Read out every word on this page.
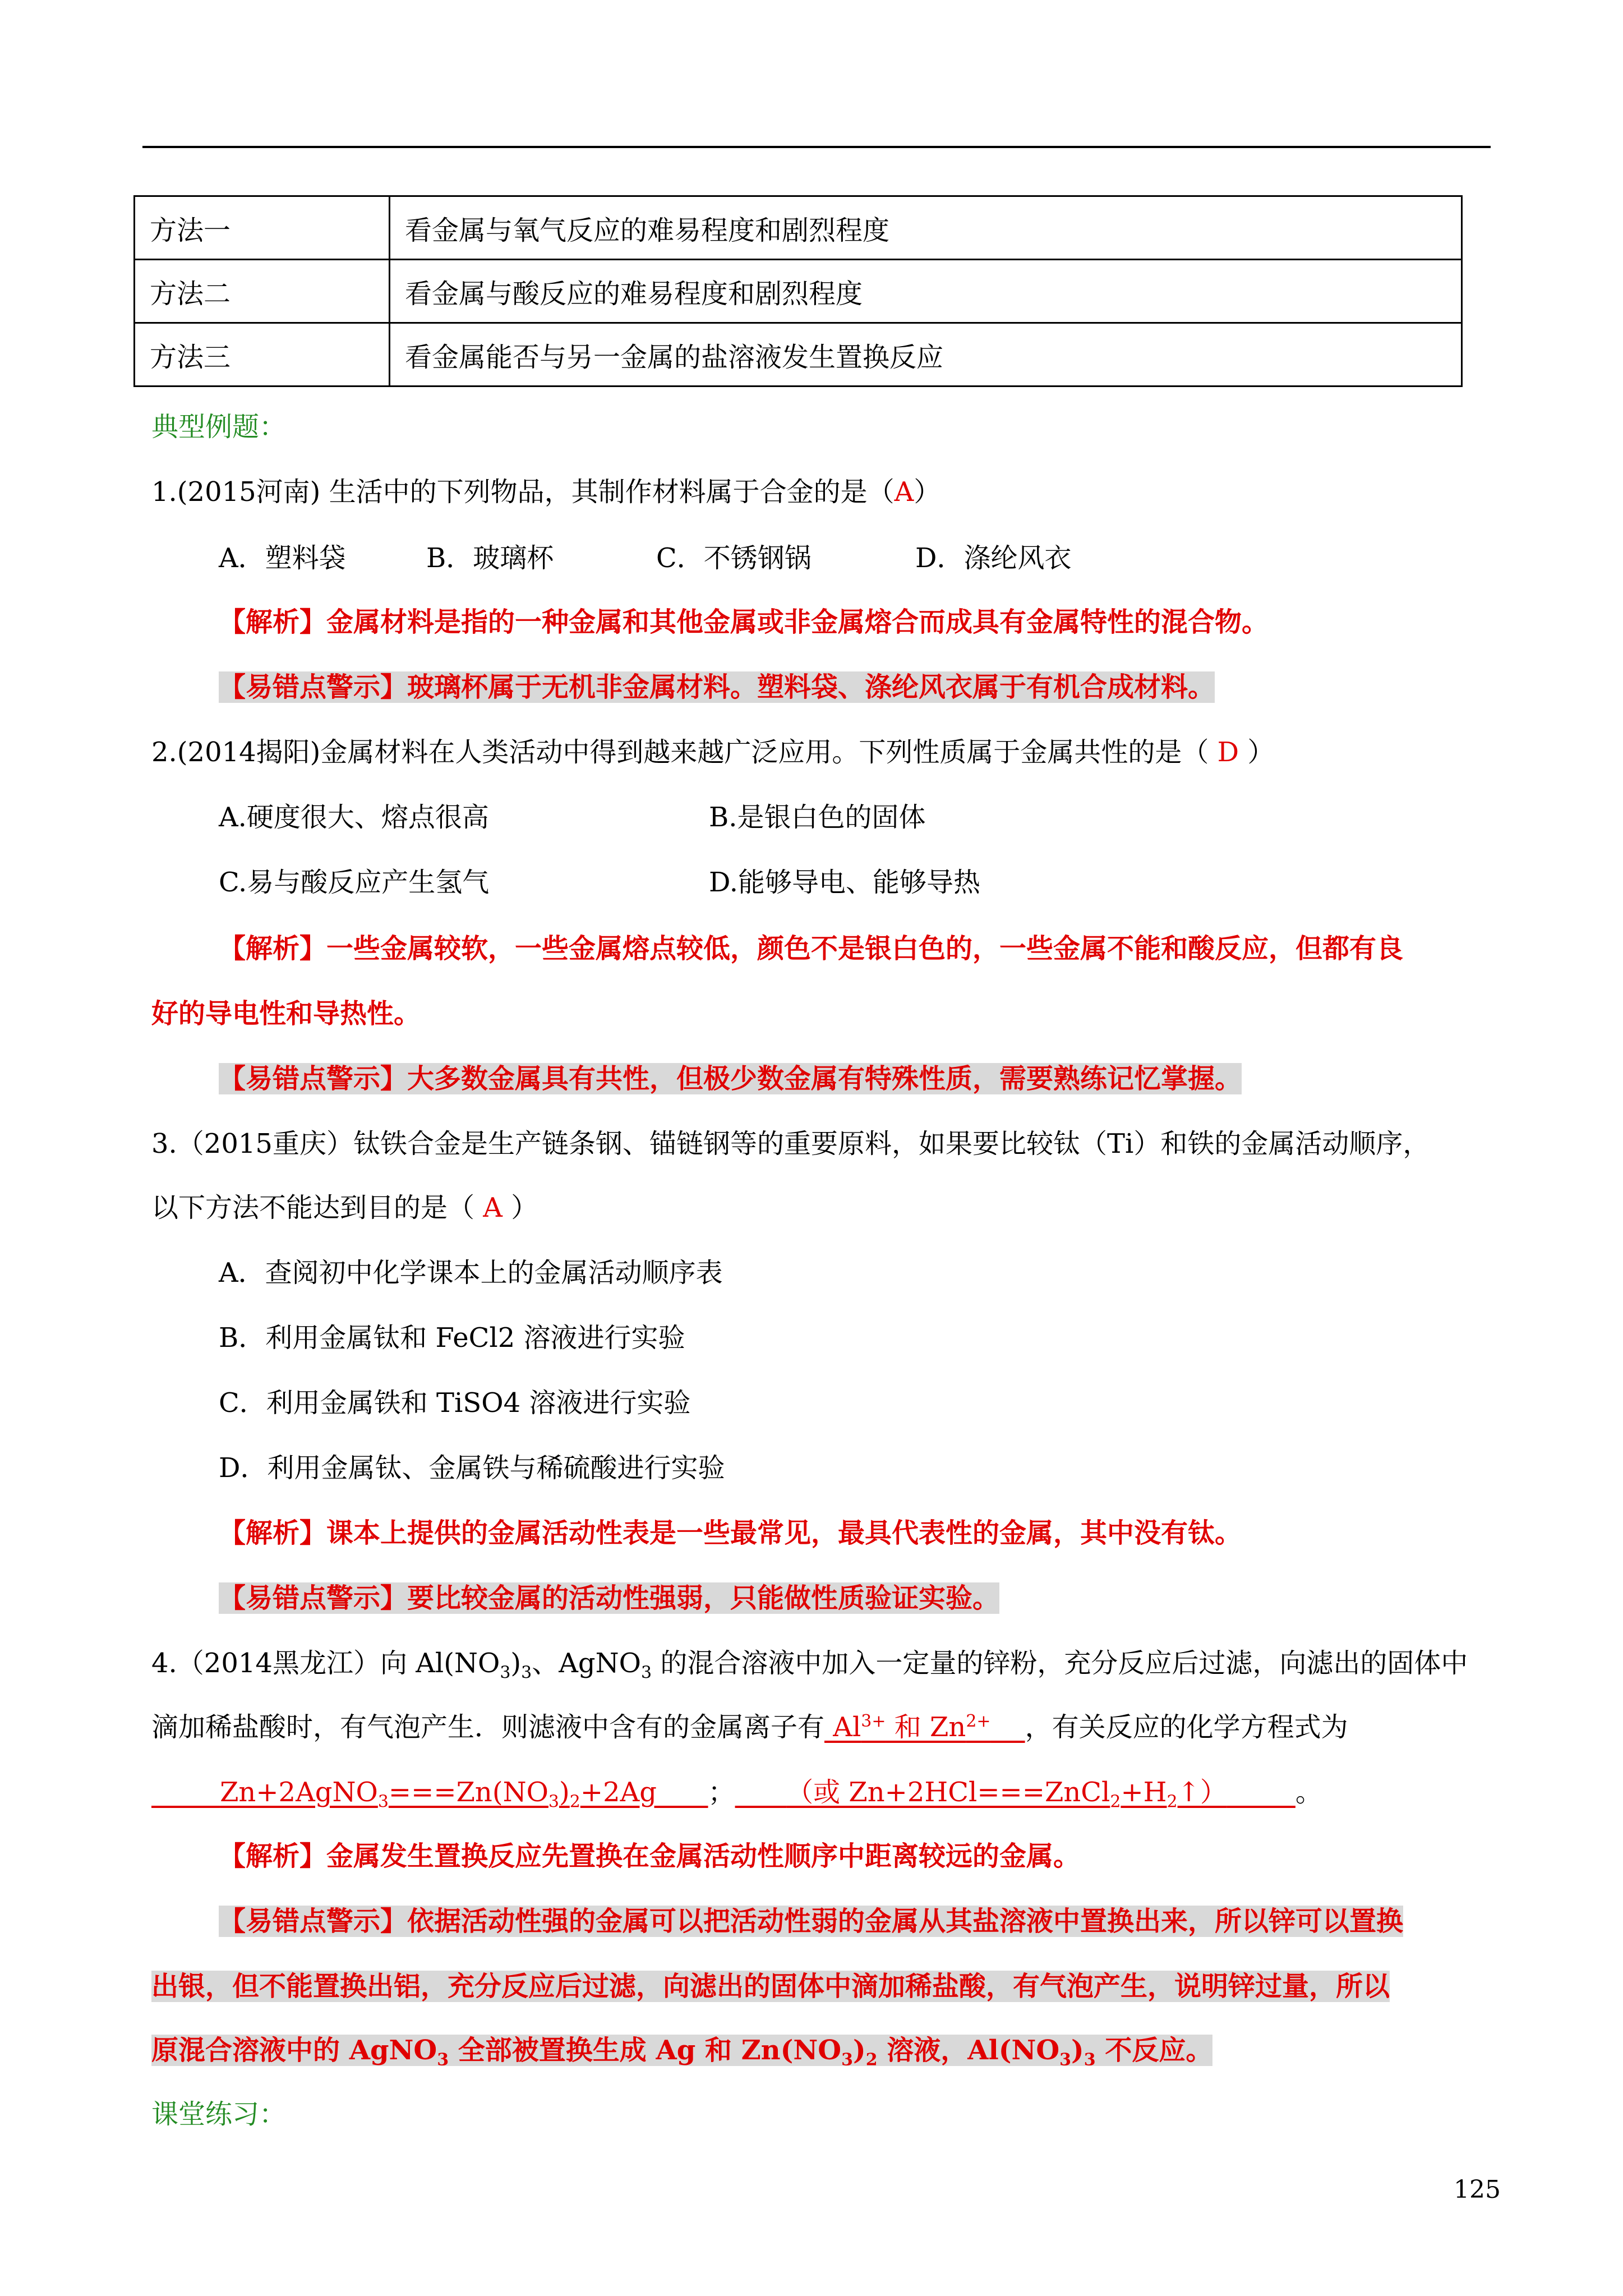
方法一	看金属与氧气反应的难易程度和剧烈程度
方法二	看金属与酸反应的难易程度和剧烈程度
方法三	看金属能否与另一金属的盐溶液发生置换反应
典型例题：
1.(2015河南) 生活中的下列物品，其制作材料属于合金的是（A）
A．塑料袋	B．玻璃杯	C．不锈钢锅	D．涤纶风衣
【解析】金属材料是指的一种金属和其他金属或非金属熔合而成具有金属特性的混合物。
【易错点警示】玻璃杯属于无机非金属材料。塑料袋、涤纶风衣属于有机合成材料。
2.(2014揭阳)金属材料在人类活动中得到越来越广泛应用。下列性质属于金属共性的是（ D ）
A.硬度很大、熔点很高	B.是银白色的固体
C.易与酸反应产生氢气	D.能够导电、能够导热
【解析】一些金属较软，一些金属熔点较低，颜色不是银白色的，一些金属不能和酸反应，但都有良
好的导电性和导热性。
【易错点警示】大多数金属具有共性，但极少数金属有特殊性质，需要熟练记忆掌握。
3.（2015重庆）钛铁合金是生产链条钢、锚链钢等的重要原料，如果要比较钛（Ti）和铁的金属活动顺序，
以下方法不能达到目的是（ A ）
A．查阅初中化学课本上的金属活动顺序表
B．利用金属钛和 FeCl2 溶液进行实验
C．利用金属铁和 TiSO4 溶液进行实验
D．利用金属钛、金属铁与稀硫酸进行实验
【解析】课本上提供的金属活动性表是一些最常见，最具代表性的金属，其中没有钛。
【易错点警示】要比较金属的活动性强弱，只能做性质验证实验。
4.（2014黑龙江）向 $Al(NO_3)_3$、AgNO$_3$ 的混合溶液中加入一定量的锌粉，充分反应后过滤，向滤出的固体中
滴加稀盐酸时，有气泡产生．则滤液中含有的金属离子有 $Al^{3+}$ 和 $Zn^{2+}$ ，有关反应的化学方程式为
$Zn+2AgNO_3===Zn(NO_3)_2+2Ag$ ； （或 $Zn+2HCl===ZnCl_2+H_2↑$）	。
【解析】金属发生置换反应先置换在金属活动性顺序中距离较远的金属。
【易错点警示】依据活动性强的金属可以把活动性弱的金属从其盐溶液中置换出来，所以锌可以置换
出银，但不能置换出铝，充分反应后过滤，向滤出的固体中滴加稀盐酸，有气泡产生，说明锌过量，所以
原混合溶液中的 AgNO$_3$ 全部被置换生成 Ag 和 $Zn(NO_3)_2$ 溶液，$Al(NO_3)_3$ 不反应。
课堂练习：
125
